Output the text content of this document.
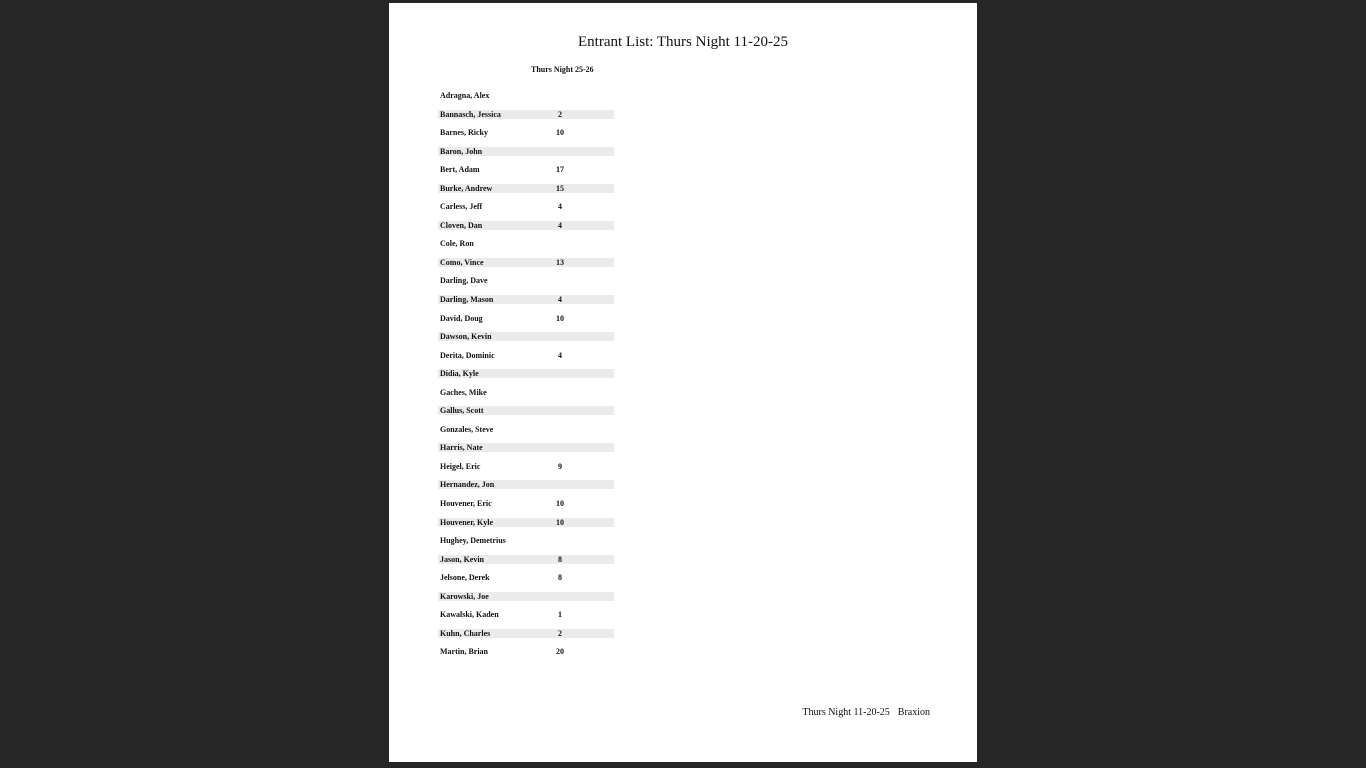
Entrant List: Thurs Night 11-20-25
Thurs Night 25-26
Adragna, Alex
Bannasch, Jessica	2
Barnes, Ricky	10
Baron, John
Bert, Adam	17
Burke, Andrew	15
Carless, Jeff	4
Cloven, Dan	4
Cole, Ron
Como, Vince	13
Darling, Dave
Darling, Mason	4
David, Doug	10
Dawson, Kevin
Derita, Dominic	4
Didia, Kyle
Gaches, Mike
Gallus, Scott
Gonzales, Steve
Harris, Nate
Heigel, Eric	9
Hernandez, Jon
Houvener, Eric	10
Houvener, Kyle	10
Hughey, Demetrius
Jason, Kevin	8
Jelsone, Derek	8
Karowski, Joe
Kawalski, Kaden	1
Kuhn, Charles	2
Martin, Brian	20
Thurs Night 11-20-25 Braxion
